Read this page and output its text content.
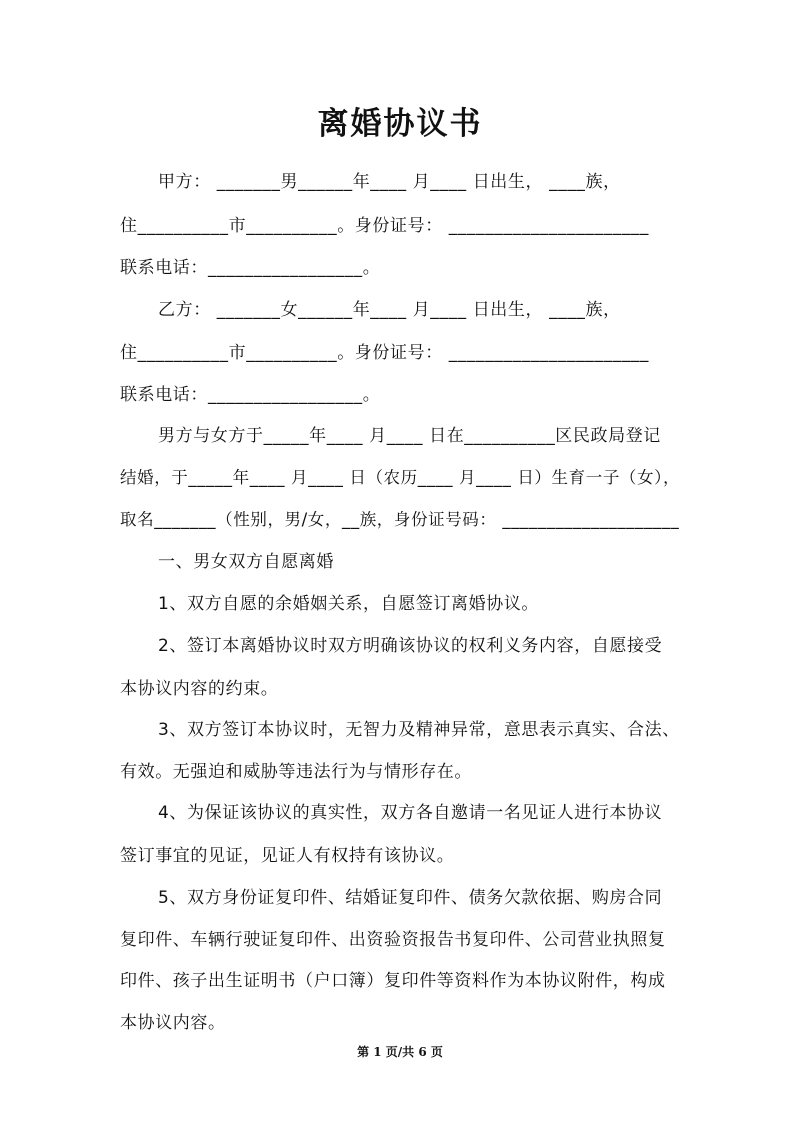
离婚协议书
甲方： _______男______年____ 月____ 日出生， ____族，
住__________市__________。身份证号： ______________________
联系电话：_________________。
乙方： _______女______年____ 月____ 日出生， ____族，
住__________市__________。身份证号： ______________________
联系电话：_________________。
男方与女方于_____年____ 月____ 日在__________区民政局登记
结婚，于_____年____ 月____ 日（农历____ 月____ 日）生育一子（女），
取名_______（性别，男/女，__族，身份证号码： ____________________
一、男女双方自愿离婚
1、双方自愿的余婚姻关系，自愿签订离婚协议。
2、签订本离婚协议时双方明确该协议的权利义务内容，自愿接受
本协议内容的约束。
3、双方签订本协议时，无智力及精神异常，意思表示真实、合法、
有效。无强迫和威胁等违法行为与情形存在。
4、为保证该协议的真实性，双方各自邀请一名见证人进行本协议
签订事宜的见证，见证人有权持有该协议。
5、双方身份证复印件、结婚证复印件、债务欠款依据、购房合同
复印件、车辆行驶证复印件、出资验资报告书复印件、公司营业执照复
印件、孩子出生证明书（户口簿）复印件等资料作为本协议附件，构成
本协议内容。
第 1 页/共 6 页
